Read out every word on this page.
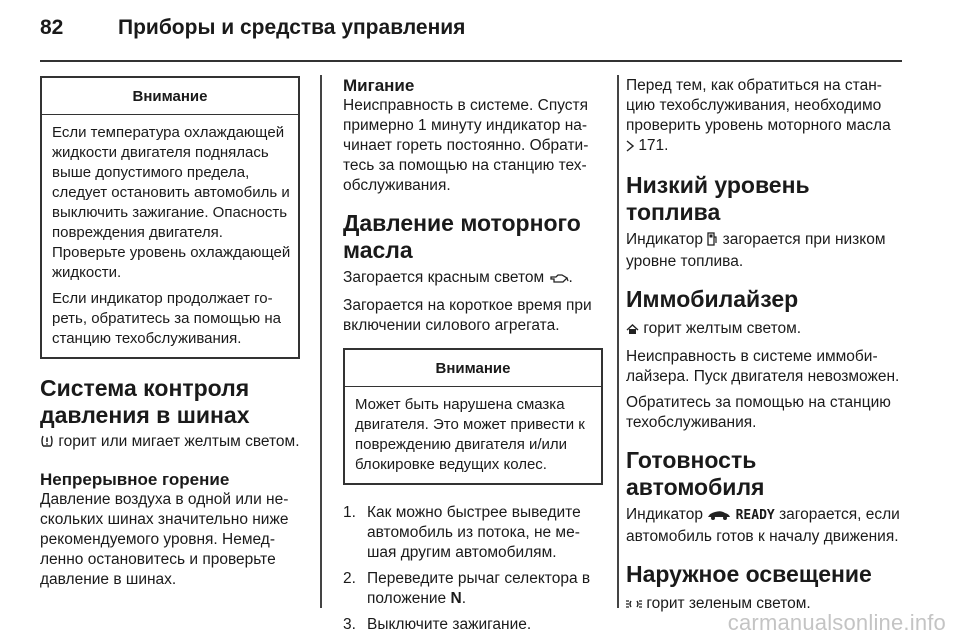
82	Приборы и средства управления
Внимание

Если температура охлаждающей жидкости двигателя поднялась выше допустимого предела, следует остановить автомобиль и выключить зажигание. Опасность повреждения двигателя. Проверьте уровень охлаждающей жидкости.

Если индикатор продолжает гореть, обратитесь за помощью на станцию техобслуживания.

Система контроля давления в шинах

горит или мигает желтым светом.

Непрерывное горение

Давление воздуха в одной или нескольких шинах значительно ниже рекомендуемого уровня. Немедленно остановитесь и проверьте давление в шинах.

Мигание

Неисправность в системе. Спустя примерно 1 минуту индикатор начинает гореть постоянно. Обратитесь за помощью на станцию техобслуживания.

Давление моторного масла

Загорается красным светом .

Загорается на короткое время при включении силового агрегата.

Внимание

Может быть нарушена смазка двигателя. Это может привести к повреждению двигателя и/или блокировке ведущих колес.

1. Как можно быстрее выведите автомобиль из потока, не мешая другим автомобилям.
2. Переведите рычаг селектора в положение N.
3. Выключите зажигание.

Перед тем, как обратиться на станцию техобслуживания, необходимо проверить уровень моторного масла  171.

Низкий уровень топлива

Индикатор загорается при низком уровне топлива.

Иммобилайзер

горит желтым светом.

Неисправность в системе иммобилайзера. Пуск двигателя невозможен.

Обратитесь за помощью на станцию техобслуживания.

Готовность автомобиля

Индикатор	READY загорается, если автомобиль готов к началу движения.

Наружное освещение

горит зеленым светом.

carmanualsonline.info
